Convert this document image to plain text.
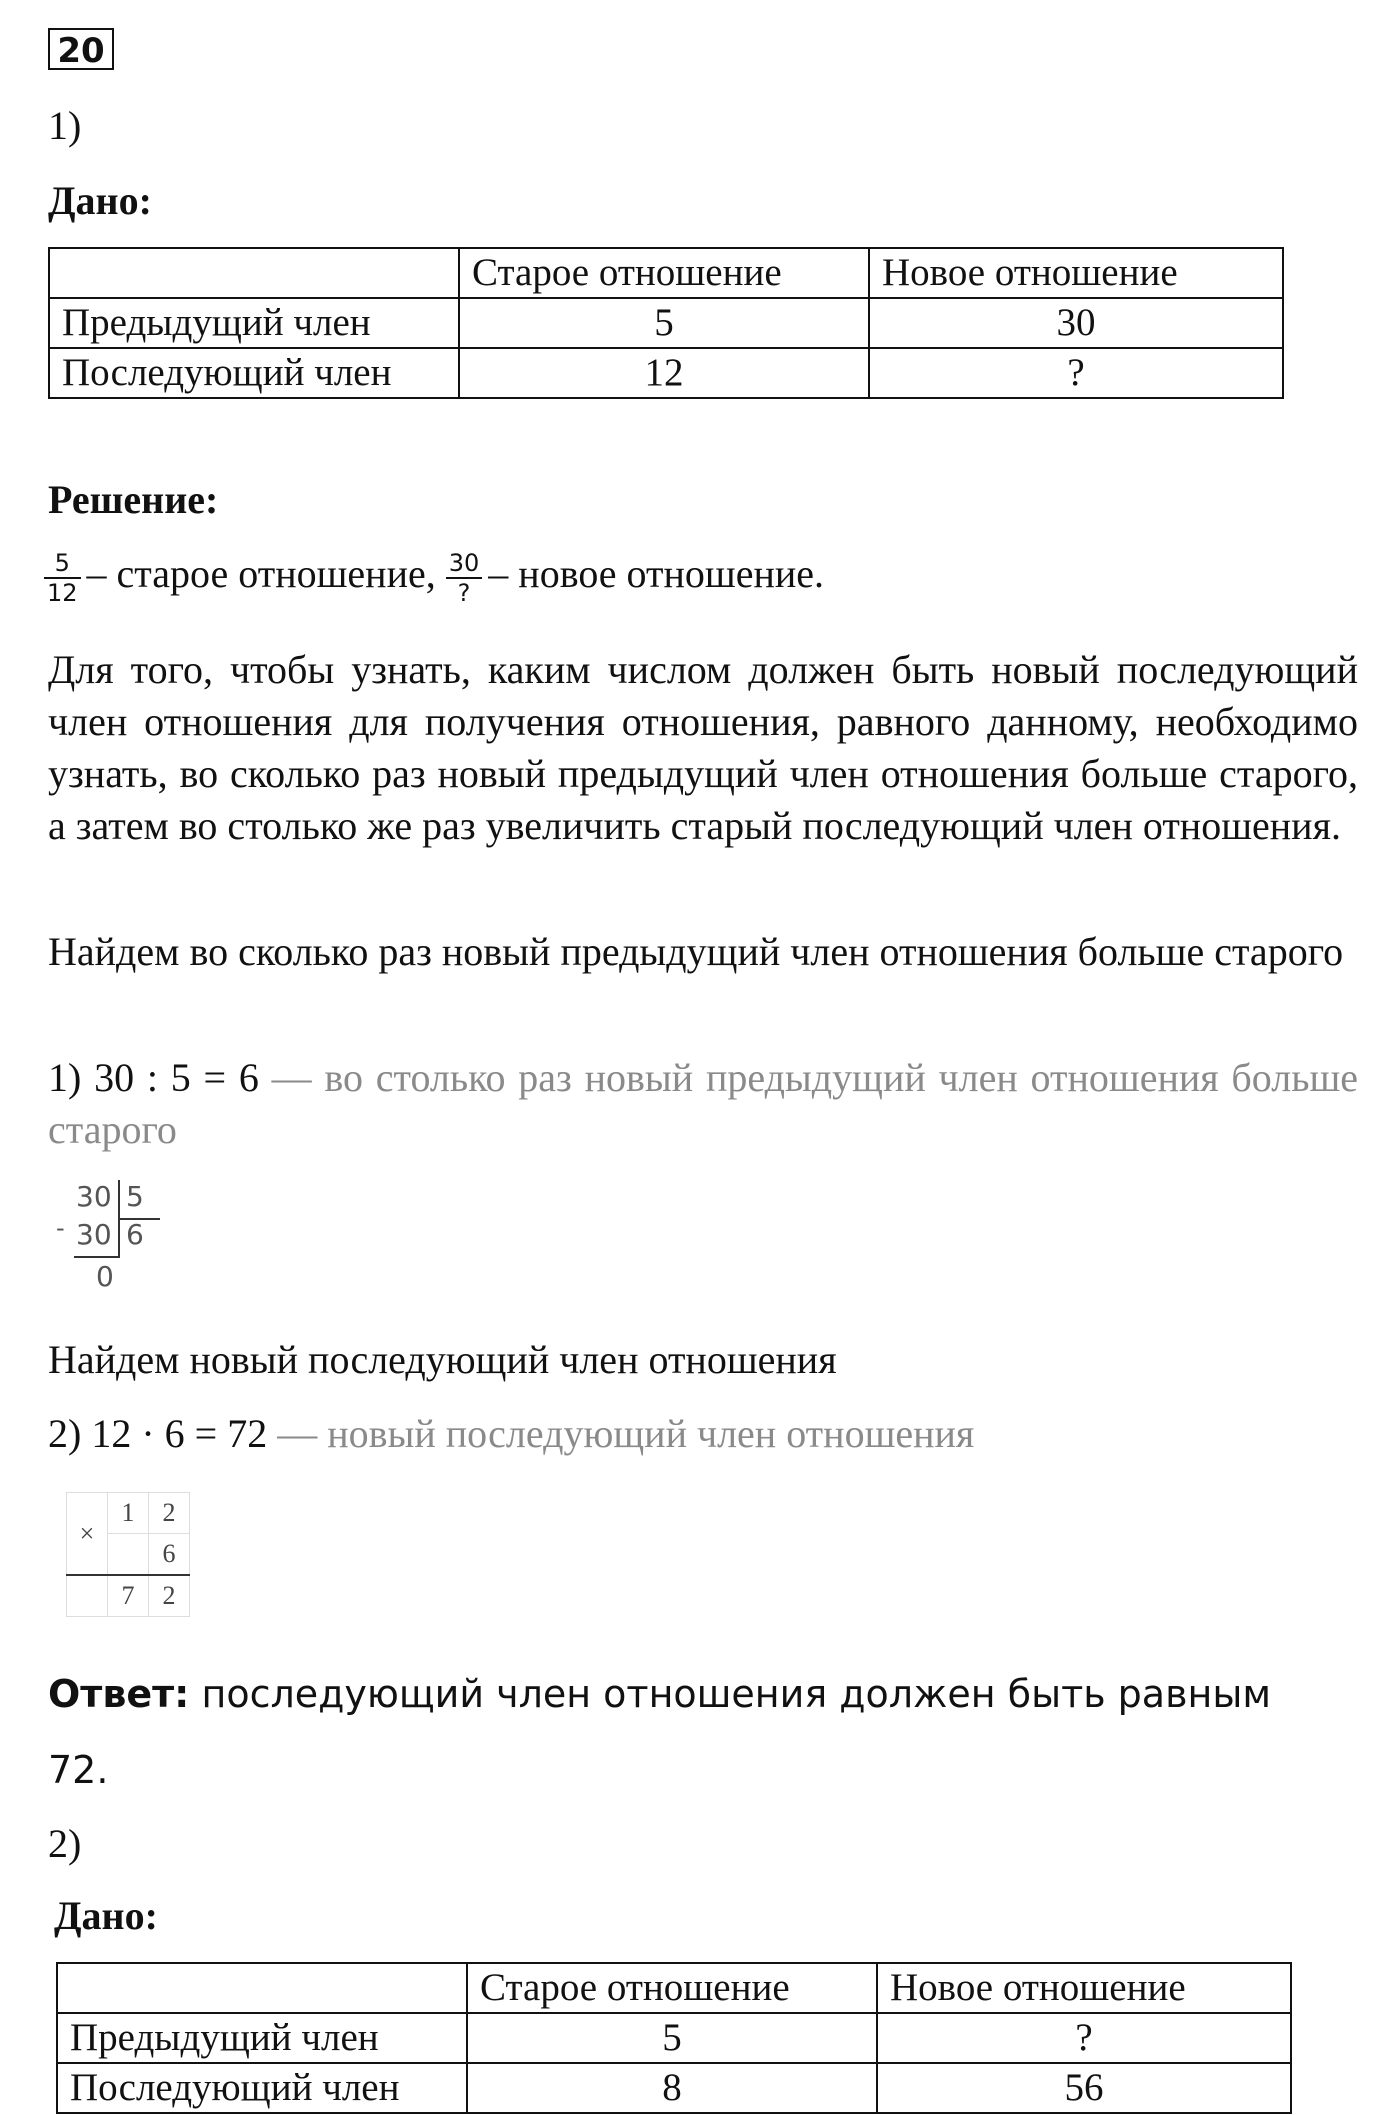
20
1)
Дано:
	Старое отношение	Новое отношение
Предыдущий член	5	30
Последующий член	12	?
Решение:
$\frac{5}{12}$ – старое отношение, $\frac{30}{?}$ – новое отношение.
Для того, чтобы узнать, каким числом должен быть новый последующий член отношения для получения отношения, равного данному, необходимо узнать, во сколько раз новый предыдущий член отношения больше старого, а затем во столько же раз увеличить старый последующий член отношения.
Найдем во сколько раз новый предыдущий член отношения больше старого
1) 30 : 5 = 6 — во столько раз новый предыдущий член отношения больше старого
-
30 5
30 6
0
Найдем новый последующий член отношения
2) 12 · 6 = 72 — новый последующий член отношения
×	1	2
		6
	7	2
Ответ: последующий член отношения должен быть равным
72.
2)
Дано:
	Старое отношение	Новое отношение
Предыдущий член	5	?
Последующий член	8	56
